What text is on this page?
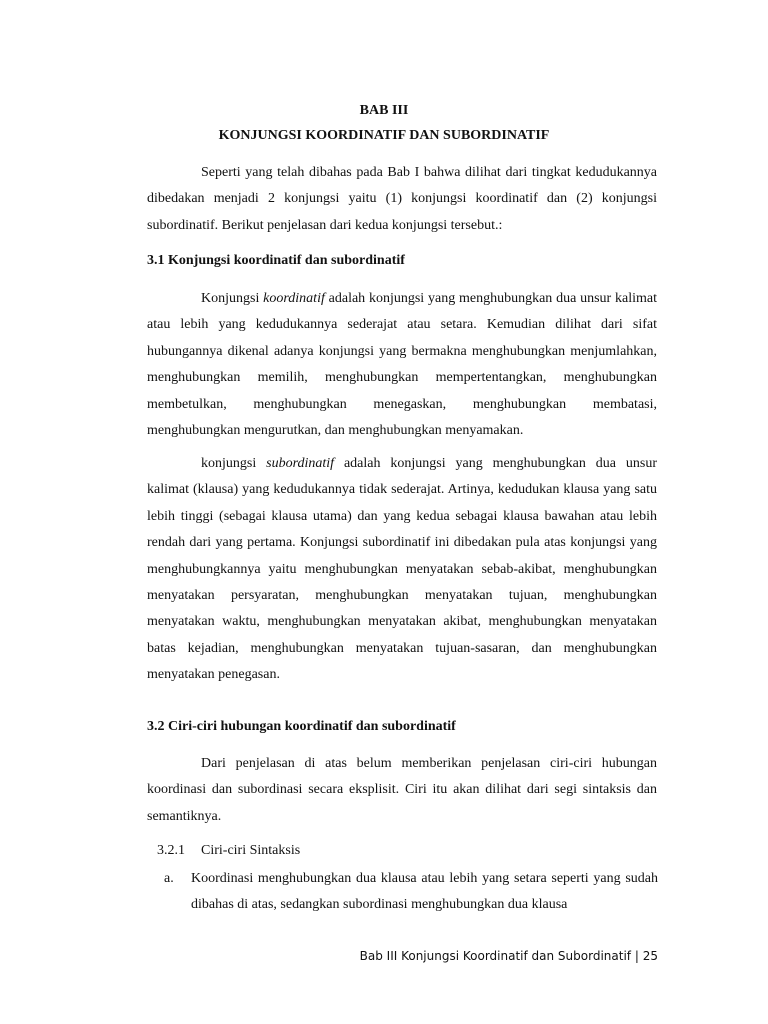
BAB III
KONJUNGSI KOORDINATIF DAN SUBORDINATIF

Seperti yang telah dibahas pada Bab I bahwa dilihat dari tingkat kedudukannya dibedakan menjadi 2 konjungsi yaitu (1) konjungsi koordinatif dan (2) konjungsi subordinatif. Berikut penjelasan dari kedua konjungsi tersebut.:

3.1 Konjungsi koordinatif dan subordinatif

Konjungsi koordinatif adalah konjungsi yang menghubungkan dua unsur kalimat atau lebih yang kedudukannya sederajat atau setara. Kemudian dilihat dari sifat hubungannya dikenal adanya konjungsi yang bermakna menghubungkan menjumlahkan, menghubungkan memilih, menghubungkan mempertentangkan, menghubungkan membetulkan, menghubungkan menegaskan, menghubungkan membatasi, menghubungkan mengurutkan, dan menghubungkan menyamakan.

konjungsi subordinatif adalah konjungsi yang menghubungkan dua unsur kalimat (klausa) yang kedudukannya tidak sederajat. Artinya, kedudukan klausa yang satu lebih tinggi (sebagai klausa utama) dan yang kedua sebagai klausa bawahan atau lebih rendah dari yang pertama. Konjungsi subordinatif ini dibedakan pula atas konjungsi yang menghubungkannya yaitu menghubungkan menyatakan sebab-akibat, menghubungkan menyatakan persyaratan, menghubungkan menyatakan tujuan, menghubungkan menyatakan waktu, menghubungkan menyatakan akibat, menghubungkan menyatakan batas kejadian, menghubungkan menyatakan tujuan-sasaran, dan menghubungkan menyatakan penegasan.

3.2 Ciri-ciri hubungan koordinatif dan subordinatif

Dari penjelasan di atas belum memberikan penjelasan ciri-ciri hubungan koordinasi dan subordinasi secara eksplisit. Ciri itu akan dilihat dari segi sintaksis dan semantiknya.

3.2.1 Ciri-ciri Sintaksis
a. Koordinasi menghubungkan dua klausa atau lebih yang setara seperti yang sudah dibahas di atas, sedangkan subordinasi menghubungkan dua klausa
Bab III Konjungsi Koordinatif dan Subordinatif | 25
